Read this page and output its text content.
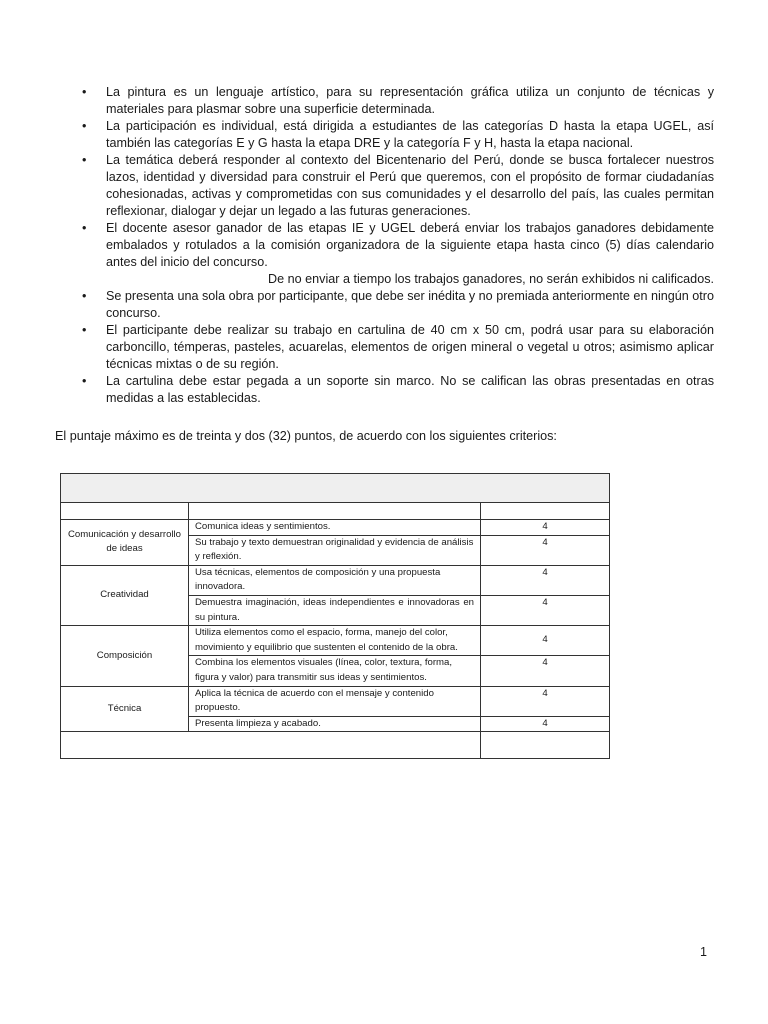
• La pintura es un lenguaje artístico, para su representación gráfica utiliza un conjunto de técnicas y materiales para plasmar sobre una superficie determinada.
• La participación es individual, está dirigida a estudiantes de las categorías D hasta la etapa UGEL, así también las categorías E y G hasta la etapa DRE y la categoría F y H, hasta la etapa nacional.
• La temática deberá responder al contexto del Bicentenario del Perú, donde se busca fortalecer nuestros lazos, identidad y diversidad para construir el Perú que queremos, con el propósito de formar ciudadanías cohesionadas, activas y comprometidas con sus comunidades y el desarrollo del país, las cuales permitan reflexionar, dialogar y dejar un legado a las futuras generaciones.
• El docente asesor ganador de las etapas IE y UGEL deberá enviar los trabajos ganadores debidamente embalados y rotulados a la comisión organizadora de la siguiente etapa hasta cinco (5) días calendario antes del inicio del concurso.
De no enviar a tiempo los trabajos ganadores, no serán exhibidos ni calificados.
• Se presenta una sola obra por participante, que debe ser inédita y no premiada anteriormente en ningún otro concurso.
• El participante debe realizar su trabajo en cartulina de 40 cm x 50 cm, podrá usar para su elaboración carboncillo, témperas, pasteles, acuarelas, elementos de origen mineral o vegetal u otros; asimismo aplicar técnicas mixtas o de su región.
• La cartulina debe estar pegada a un soporte sin marco. No se califican las obras presentadas en otras medidas a las establecidas.

El puntaje máximo es de treinta y dos (32) puntos, de acuerdo con los siguientes criterios:

Comunicación y desarrollo de ideas	Comunica ideas y sentimientos.	4
	Su trabajo y texto demuestran originalidad y evidencia de análisis y reflexión.	4
Creatividad	Usa técnicas, elementos de composición y una propuesta innovadora.	4
	Demuestra imaginación, ideas independientes e innovadoras en su pintura.	4
Composición	Utiliza elementos como el espacio, forma, manejo del color, movimiento y equilibrio que sustenten el contenido de la obra.	4
	Combina los elementos visuales (línea, color, textura, forma, figura y valor) para transmitir sus ideas y sentimientos.	4
Técnica	Aplica la técnica de acuerdo con el mensaje y contenido propuesto.	4
	Presenta limpieza y acabado.	4

1
